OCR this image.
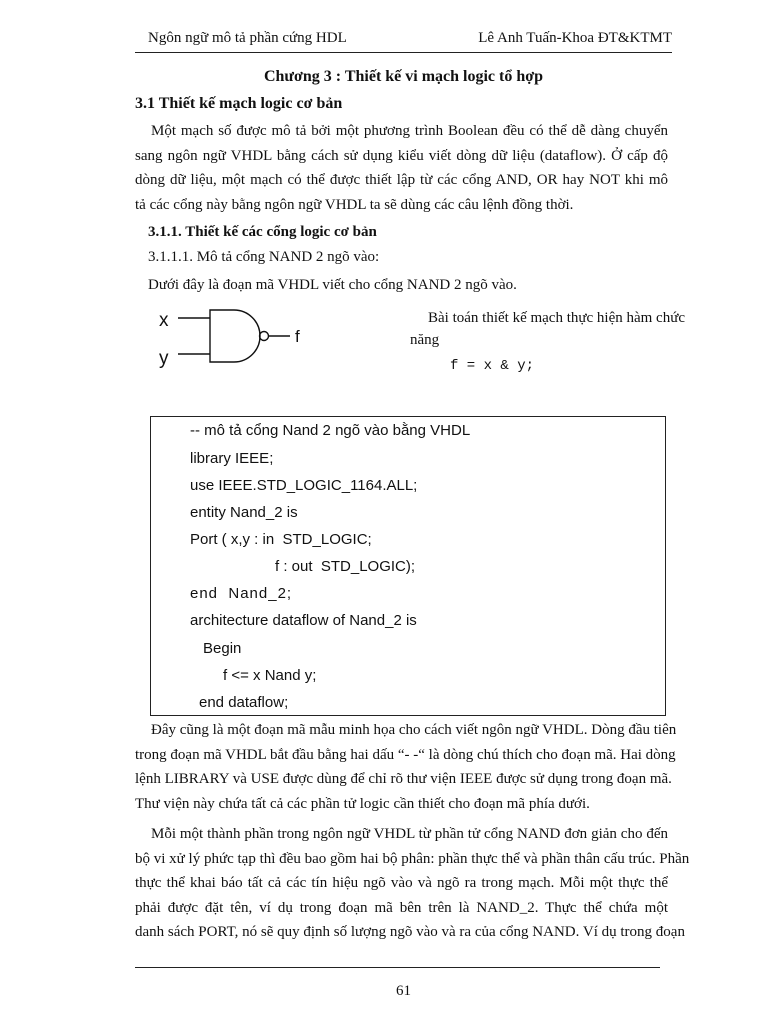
Ngôn ngữ mô tả phần cứng HDL	Lê Anh Tuấn-Khoa ĐT&KTMT
Chương 3 : Thiết kế vi mạch logic tổ hợp
3.1 Thiết kế mạch logic cơ bản
Một mạch số được mô tả bởi một phương trình Boolean đều có thể dễ dàng chuyển
sang ngôn ngữ VHDL bằng cách sử dụng kiểu viết dòng dữ liệu (dataflow). Ở cấp độ
dòng dữ liệu, một mạch có thể được thiết lập từ các cổng AND, OR hay NOT khi mô
tả các cổng này bằng ngôn ngữ VHDL ta sẽ dùng các câu lệnh đồng thời.
3.1.1. Thiết kế các cổng logic cơ bản
3.1.1.1. Mô tả cổng NAND 2 ngõ vào:
Dưới đây là đoạn mã VHDL viết cho cổng NAND 2 ngõ vào.
x
y
f
Bài toán thiết kế mạch thực hiện hàm chức
năng
f = x & y;
-- mô tả cổng Nand 2 ngõ vào bằng VHDL
library IEEE;
use IEEE.STD_LOGIC_1164.ALL;
entity Nand_2 is
Port ( x,y : in  STD_LOGIC;
f : out  STD_LOGIC);
end  Nand_2;
architecture dataflow of Nand_2 is
Begin
f <= x Nand y;
end dataflow;
Đây cũng là một đoạn mã mẫu minh họa cho cách viết ngôn ngữ VHDL. Dòng đầu tiên
trong đoạn mã VHDL bắt đầu bằng hai dấu “- -“ là dòng chú thích cho đoạn mã. Hai dòng
lệnh LIBRARY và USE được dùng để chỉ rõ thư viện IEEE được sử dụng trong đoạn mã.
Thư viện này chứa tất cả các phần tử logic cần thiết cho đoạn mã phía dưới.
Mỗi một thành phần trong ngôn ngữ VHDL từ phần tử cổng NAND đơn giản cho đến
bộ vi xử lý phức tạp thì đều bao gồm hai bộ phân: phần thực thể và phần thân cấu trúc. Phần
thực thể khai báo tất cả các tín hiệu ngõ vào và ngõ ra trong mạch. Mỗi một thực thể
phải được đặt tên, ví dụ trong đoạn mã bên trên là NAND_2. Thực thể chứa một
danh sách PORT, nó sẽ quy định số lượng ngõ vào và ra của cổng NAND. Ví dụ trong đoạn
61
